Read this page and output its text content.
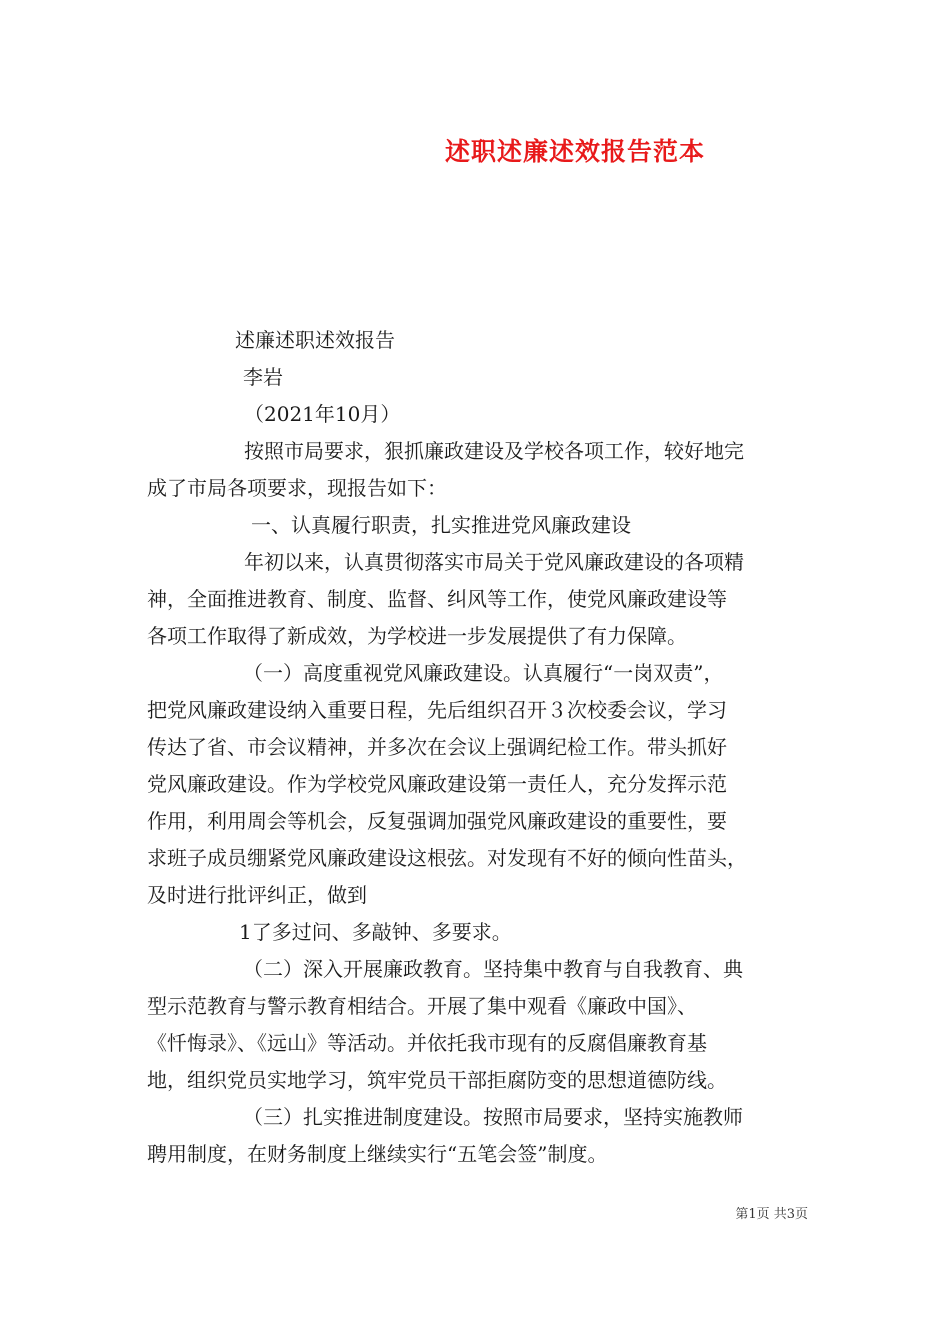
述职述廉述效报告范本
述廉述职述效报告
李岩
（2021年10月）
按照市局要求，狠抓廉政建设及学校各项工作，较好地完
成了市局各项要求，现报告如下：
一、认真履行职责，扎实推进党风廉政建设
年初以来，认真贯彻落实市局关于党风廉政建设的各项精
神，全面推进教育、制度、监督、纠风等工作，使党风廉政建设等
各项工作取得了新成效，为学校进一步发展提供了有力保障。
（一）高度重视党风廉政建设。认真履行“一岗双责”，
把党风廉政建设纳入重要日程，先后组织召开３次校委会议，学习
传达了省、市会议精神，并多次在会议上强调纪检工作。带头抓好
党风廉政建设。作为学校党风廉政建设第一责任人，充分发挥示范
作用，利用周会等机会，反复强调加强党风廉政建设的重要性，要
求班子成员绷紧党风廉政建设这根弦。对发现有不好的倾向性苗头，
及时进行批评纠正，做到
1了多过问、多敲钟、多要求。
（二）深入开展廉政教育。坚持集中教育与自我教育、典
型示范教育与警示教育相结合。开展了集中观看《廉政中国》、
《忏悔录》、《远山》等活动。并依托我市现有的反腐倡廉教育基
地，组织党员实地学习，筑牢党员干部拒腐防变的思想道德防线。
（三）扎实推进制度建设。按照市局要求，坚持实施教师
聘用制度，在财务制度上继续实行“五笔会签”制度。
第1页 共3页
